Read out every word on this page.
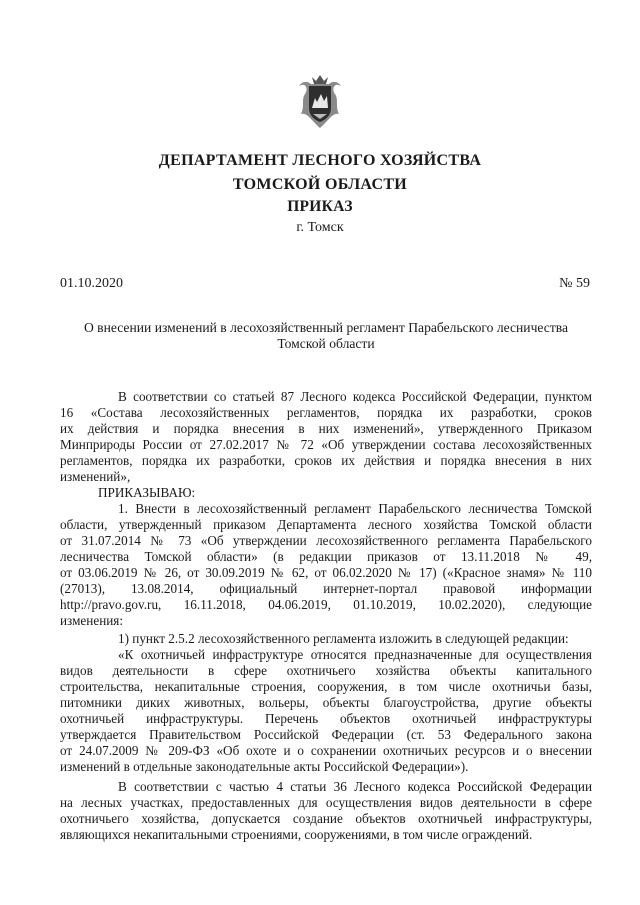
ДЕПАРТАМЕНТ ЛЕСНОГО ХОЗЯЙСТВА
ТОМСКОЙ ОБЛАСТИ
ПРИКАЗ
г. Томск
01.10.2020	№ 59
О внесении изменений в лесохозяйственный регламент Парабельского лесничества
Томской области
В соответствии со статьей 87 Лесного кодекса Российской Федерации, пунктом
16 «Состава лесохозяйственных регламентов, порядка их разработки, сроков
их действия и порядка внесения в них изменений», утвержденного Приказом
Минприроды России от 27.02.2017 № 72 «Об утверждении состава лесохозяйственных
регламентов, порядка их разработки, сроков их действия и порядка внесения в них
изменений»,
ПРИКАЗЫВАЮ:
1. Внести в лесохозяйственный регламент Парабельского лесничества Томской
области, утвержденный приказом Департамента лесного хозяйства Томской области
от 31.07.2014 № 73 «Об утверждении лесохозяйственного регламента Парабельского
лесничества Томской области» (в редакции приказов от 13.11.2018 № 49,
от 03.06.2019 № 26, от 30.09.2019 № 62, от 06.02.2020 № 17) («Красное знамя» № 110
(27013), 13.08.2014, официальный интернет-портал правовой информации
http://pravo.gov.ru, 16.11.2018, 04.06.2019, 01.10.2019, 10.02.2020), следующие
изменения:
1) пункт 2.5.2 лесохозяйственного регламента изложить в следующей редакции:
«К охотничьей инфраструктуре относятся предназначенные для осуществления
видов деятельности в сфере охотничьего хозяйства объекты капитального
строительства, некапитальные строения, сооружения, в том числе охотничьи базы,
питомники диких животных, вольеры, объекты благоустройства, другие объекты
охотничьей инфраструктуры. Перечень объектов охотничьей инфраструктуры
утверждается Правительством Российской Федерации (ст. 53 Федерального закона
от 24.07.2009 № 209-ФЗ «Об охоте и о сохранении охотничьих ресурсов и о внесении
изменений в отдельные законодательные акты Российской Федерации»).
В соответствии с частью 4 статьи 36 Лесного кодекса Российской Федерации
на лесных участках, предоставленных для осуществления видов деятельности в сфере
охотничьего хозяйства, допускается создание объектов охотничьей инфраструктуры,
являющихся некапитальными строениями, сооружениями, в том числе ограждений.
